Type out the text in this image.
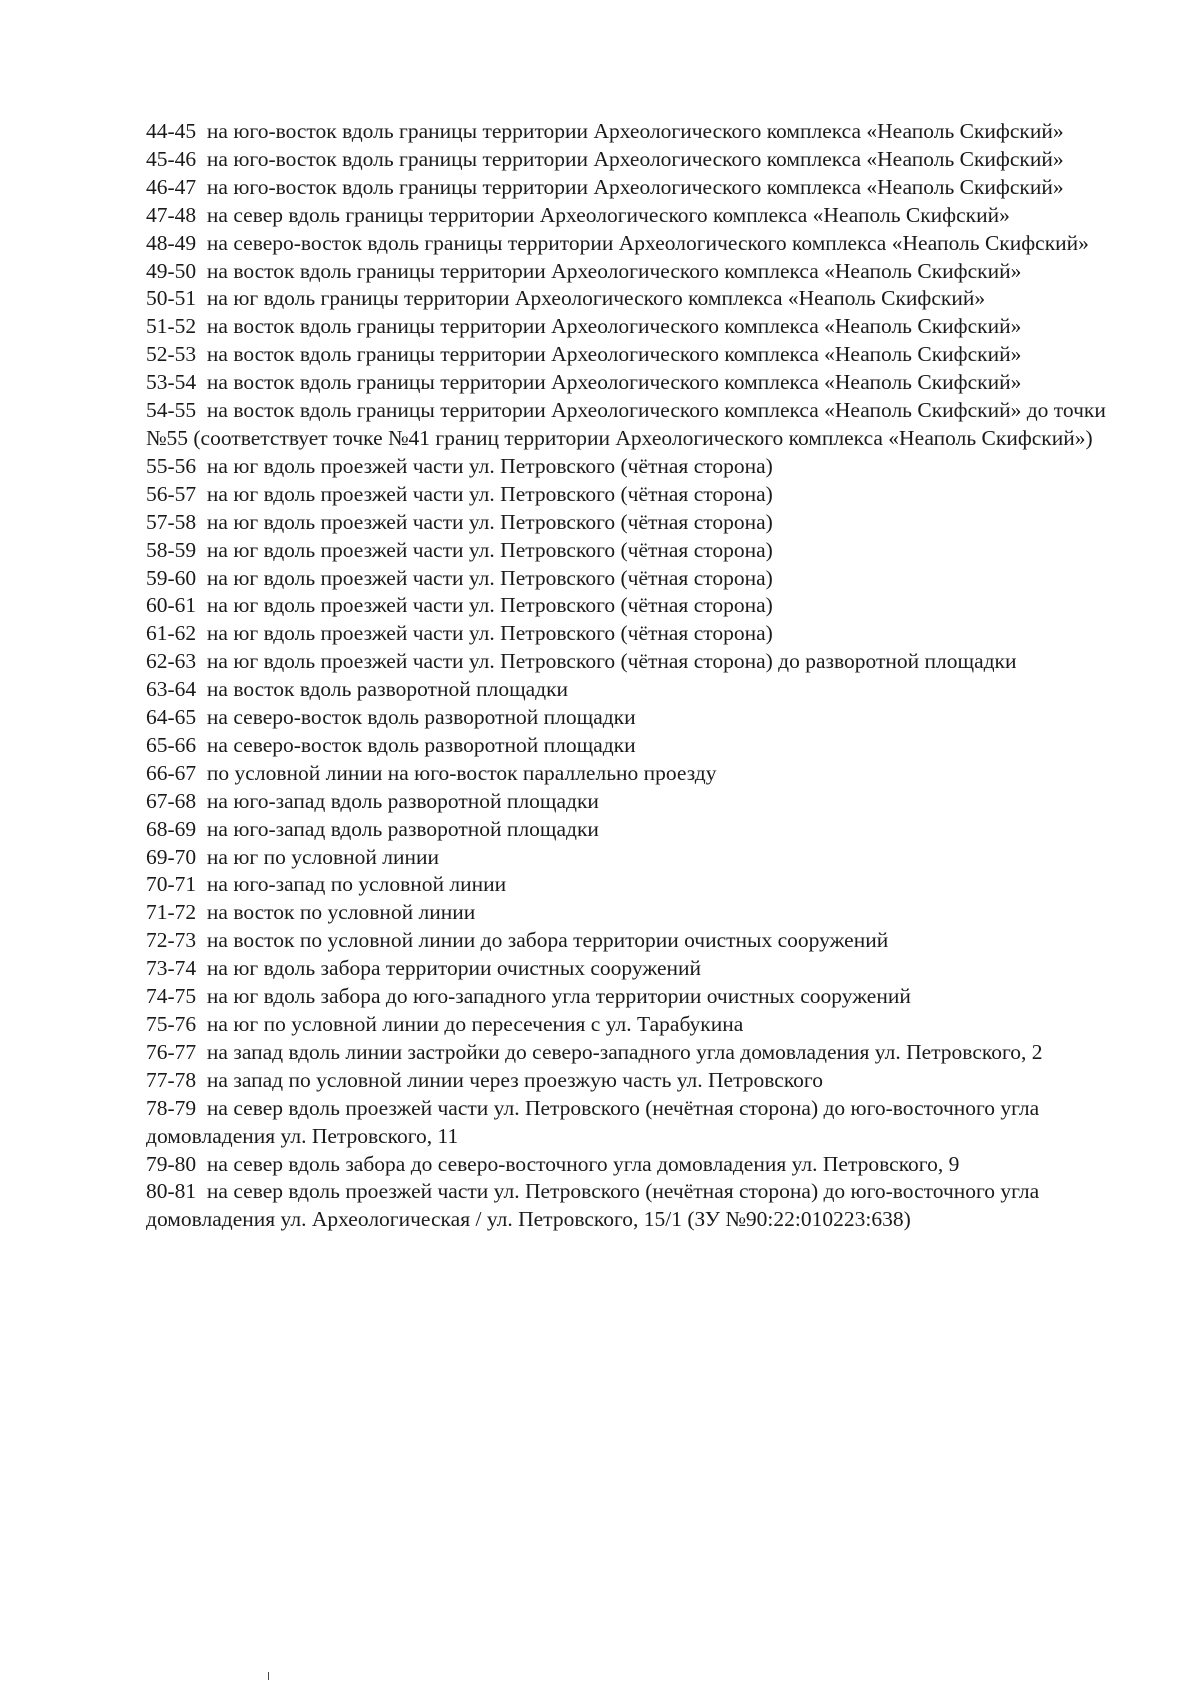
44-45 на юго-восток вдоль границы территории Археологического комплекса «Неаполь Скифский»

45-46 на юго-восток вдоль границы территории Археологического комплекса «Неаполь Скифский»

46-47 на юго-восток вдоль границы территории Археологического комплекса «Неаполь Скифский»

47-48 на север вдоль границы территории Археологического комплекса «Неаполь Скифский»

48-49 на северо-восток вдоль границы территории Археологического комплекса «Неаполь Скифский»

49-50 на восток вдоль границы территории Археологического комплекса «Неаполь Скифский»

50-51 на юг вдоль границы территории Археологического комплекса «Неаполь Скифский»

51-52 на восток вдоль границы территории Археологического комплекса «Неаполь Скифский»

52-53 на восток вдоль границы территории Археологического комплекса «Неаполь Скифский»

53-54 на восток вдоль границы территории Археологического комплекса «Неаполь Скифский»

54-55 на восток вдоль границы территории Археологического комплекса «Неаполь Скифский» до точки №55 (соответствует точке №41 границ территории Археологического комплекса «Неаполь Скифский»)

55-56 на юг вдоль проезжей части ул. Петровского (чётная сторона)

56-57 на юг вдоль проезжей части ул. Петровского (чётная сторона)

57-58 на юг вдоль проезжей части ул. Петровского (чётная сторона)

58-59 на юг вдоль проезжей части ул. Петровского (чётная сторона)

59-60 на юг вдоль проезжей части ул. Петровского (чётная сторона)

60-61 на юг вдоль проезжей части ул. Петровского (чётная сторона)

61-62 на юг вдоль проезжей части ул. Петровского (чётная сторона)

62-63 на юг вдоль проезжей части ул. Петровского (чётная сторона) до разворотной площадки

63-64 на восток вдоль разворотной площадки

64-65 на северо-восток вдоль разворотной площадки

65-66 на северо-восток вдоль разворотной площадки

66-67 по условной линии на юго-восток параллельно проезду

67-68 на юго-запад вдоль разворотной площадки

68-69 на юго-запад вдоль разворотной площадки

69-70 на юг по условной линии

70-71 на юго-запад по условной линии

71-72 на восток по условной линии

72-73 на восток по условной линии до забора территории очистных сооружений

73-74 на юг вдоль забора территории очистных сооружений

74-75 на юг вдоль забора до юго-западного угла территории очистных сооружений

75-76 на юг по условной линии до пересечения с ул. Тарабукина

76-77 на запад вдоль линии застройки до северо-западного угла домовладения ул. Петровского, 2

77-78 на запад по условной линии через проезжую часть ул. Петровского

78-79 на север вдоль проезжей части ул. Петровского (нечётная сторона) до юго-восточного угла домовладения ул. Петровского, 11

79-80 на север вдоль забора до северо-восточного угла домовладения ул. Петровского, 9

80-81 на север вдоль проезжей части ул. Петровского (нечётная сторона) до юго-восточного угла домовладения ул. Археологическая / ул. Петровского, 15/1 (ЗУ №90:22:010223:638)
